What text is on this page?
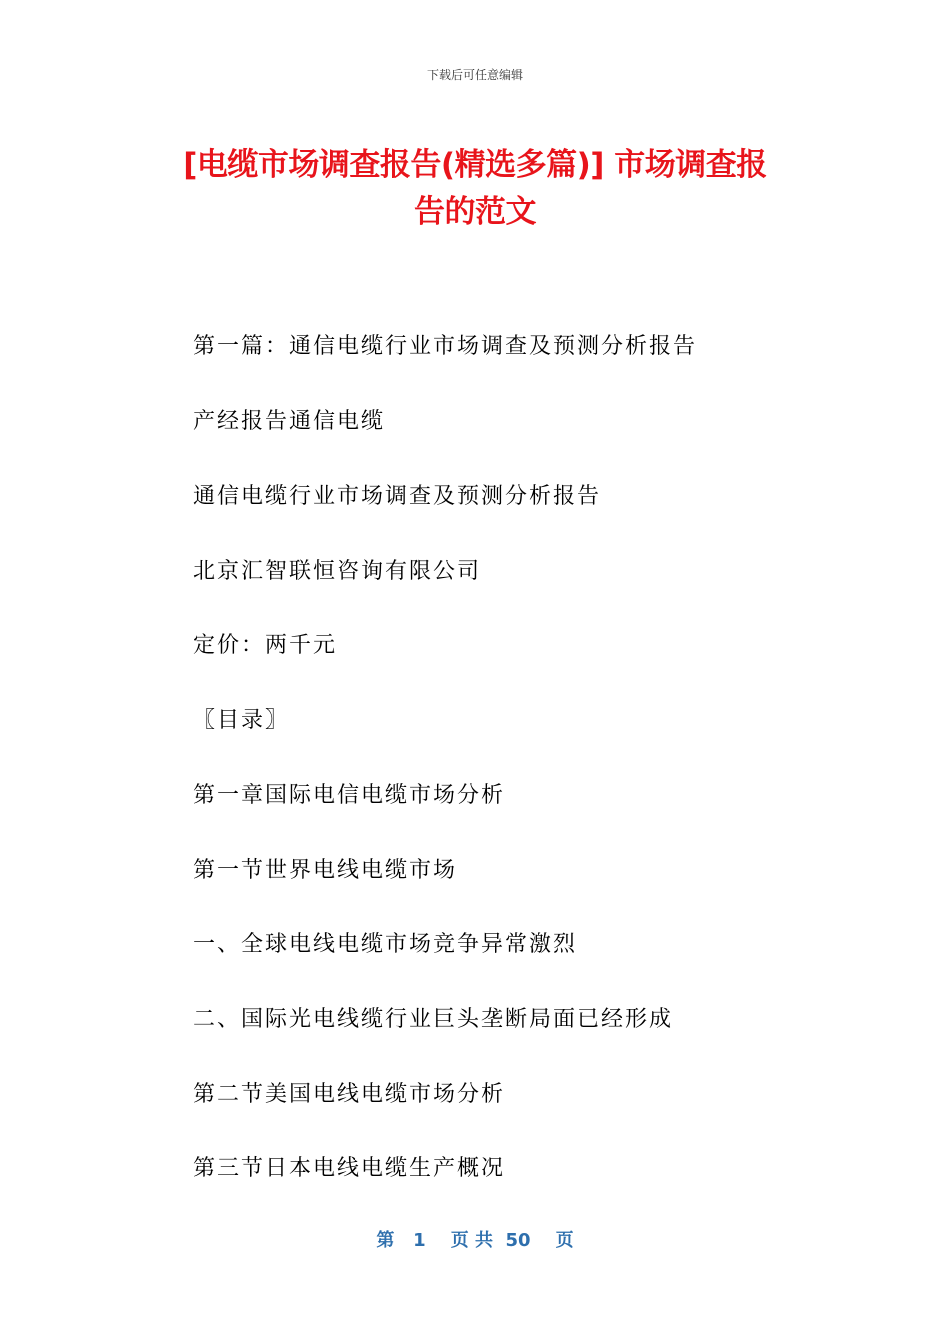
下载后可任意编辑
[电缆市场调查报告(精选多篇)] 市场调查报
告的范文
第一篇：通信电缆行业市场调查及预测分析报告
产经报告通信电缆
通信电缆行业市场调查及预测分析报告
北京汇智联恒咨询有限公司
定价：两千元
〖目录〗
第一章国际电信电缆市场分析
第一节世界电线电缆市场
一、全球电线电缆市场竞争异常激烈
二、国际光电线缆行业巨头垄断局面已经形成
第二节美国电线电缆市场分析
第三节日本电线电缆生产概况
第   1    页 共  50    页
